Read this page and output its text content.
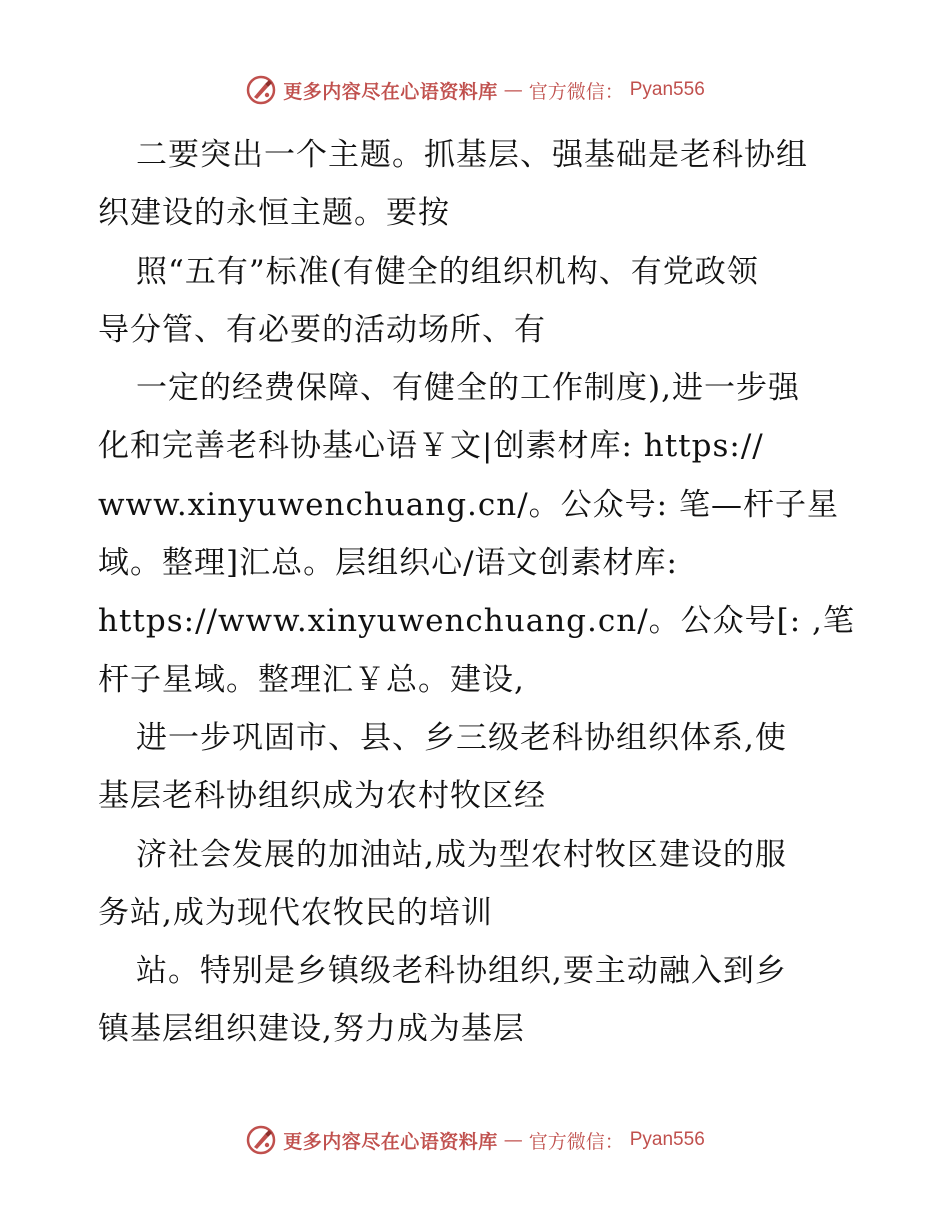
更多内容尽在心语资料库 — 官方微信： Pyan556
二要突出一个主题。抓基层、强基础是老科协组
织建设的永恒主题。要按
照“五有”标准(有健全的组织机构、有党政领
导分管、有必要的活动场所、有
一定的经费保障、有健全的工作制度),进一步强
化和完善老科协基心语￥文|创素材库: https://
www.xinyuwenchuang.cn/。公众号: 笔—杆子星
域。整理]汇总。层组织心/语文创素材库:
https://www.xinyuwenchuang.cn/。公众号[: ,笔
杆子星域。整理汇￥总。建设,
进一步巩固市、县、乡三级老科协组织体系,使
基层老科协组织成为农村牧区经
济社会发展的加油站,成为型农村牧区建设的服
务站,成为现代农牧民的培训
站。特别是乡镇级老科协组织,要主动融入到乡
镇基层组织建设,努力成为基层
更多内容尽在心语资料库 — 官方微信： Pyan556
